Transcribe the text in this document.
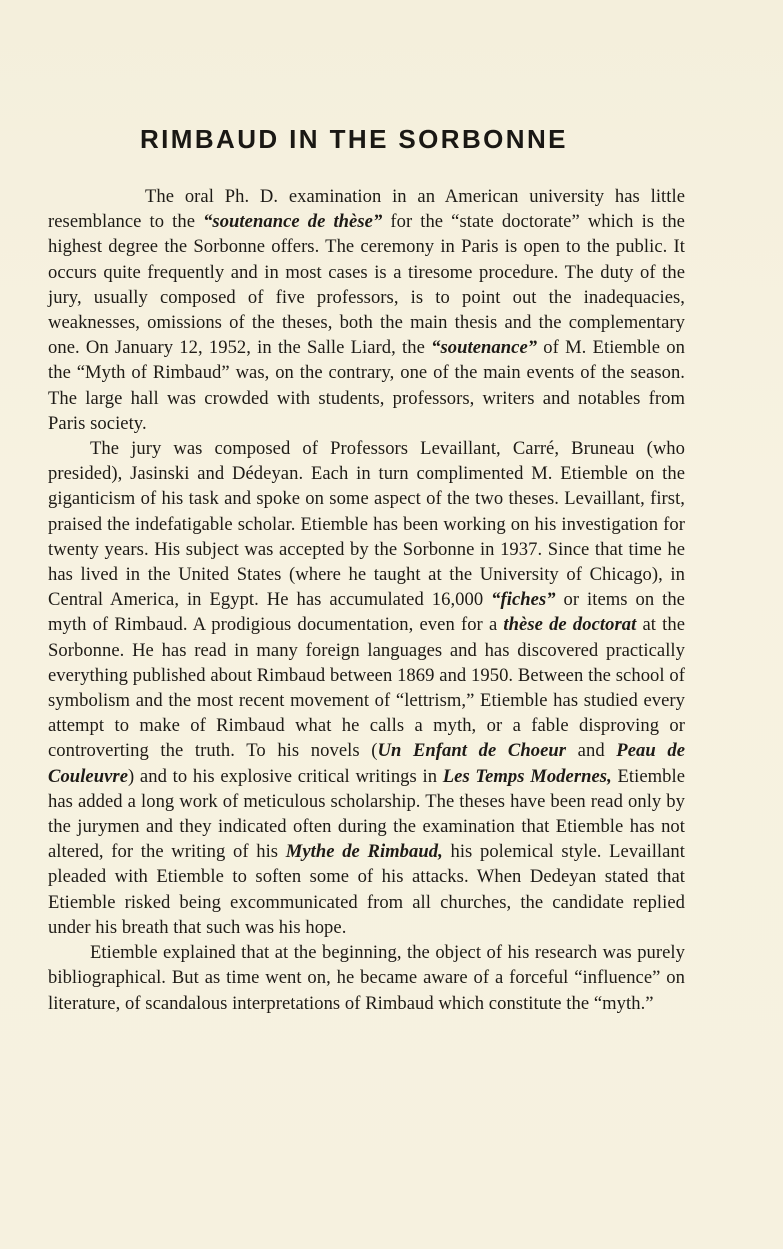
RIMBAUD IN THE SORBONNE

The oral Ph. D. examination in an American university has little resemblance to the “soutenance de thèse” for the “state doctorate” which is the highest degree the Sorbonne offers. The ceremony in Paris is open to the public. It occurs quite frequently and in most cases is a tiresome procedure. The duty of the jury, usually composed of five professors, is to point out the inadequacies, weaknesses, omissions of the theses, both the main thesis and the complementary one. On January 12, 1952, in the Salle Liard, the “soutenance” of M. Etiemble on the “Myth of Rimbaud” was, on the contrary, one of the main events of the season. The large hall was crowded with students, professors, writers and notables from Paris society.

The jury was composed of Professors Levaillant, Carré, Bruneau (who presided), Jasinski and Dédeyan. Each in turn complimented M. Etiemble on the giganticism of his task and spoke on some aspect of the two theses. Levaillant, first, praised the indefatigable scholar. Etiemble has been working on his investigation for twenty years. His subject was accepted by the Sorbonne in 1937. Since that time he has lived in the United States (where he taught at the University of Chicago), in Central America, in Egypt. He has accumulated 16,000 “fiches” or items on the myth of Rimbaud. A prodigious documentation, even for a thèse de doctorat at the Sorbonne. He has read in many foreign languages and has discovered practically everything published about Rimbaud between 1869 and 1950. Between the school of symbolism and the most recent movement of “lettrism,” Etiemble has studied every attempt to make of Rimbaud what he calls a myth, or a fable disproving or controverting the truth. To his novels (Un Enfant de Choeur and Peau de Couleuvre) and to his explosive critical writings in Les Temps Modernes, Etiemble has added a long work of meticulous scholarship. The theses have been read only by the jurymen and they indicated often during the examination that Etiemble has not altered, for the writing of his Mythe de Rimbaud, his polemical style. Levaillant pleaded with Etiemble to soften some of his attacks. When Dedeyan stated that Etiemble risked being excommunicated from all churches, the candidate replied under his breath that such was his hope.

Etiemble explained that at the beginning, the object of his research was purely bibliographical. But as time went on, he became aware of a forceful “influence” on literature, of scandalous interpretations of Rimbaud which constitute the “myth.”
